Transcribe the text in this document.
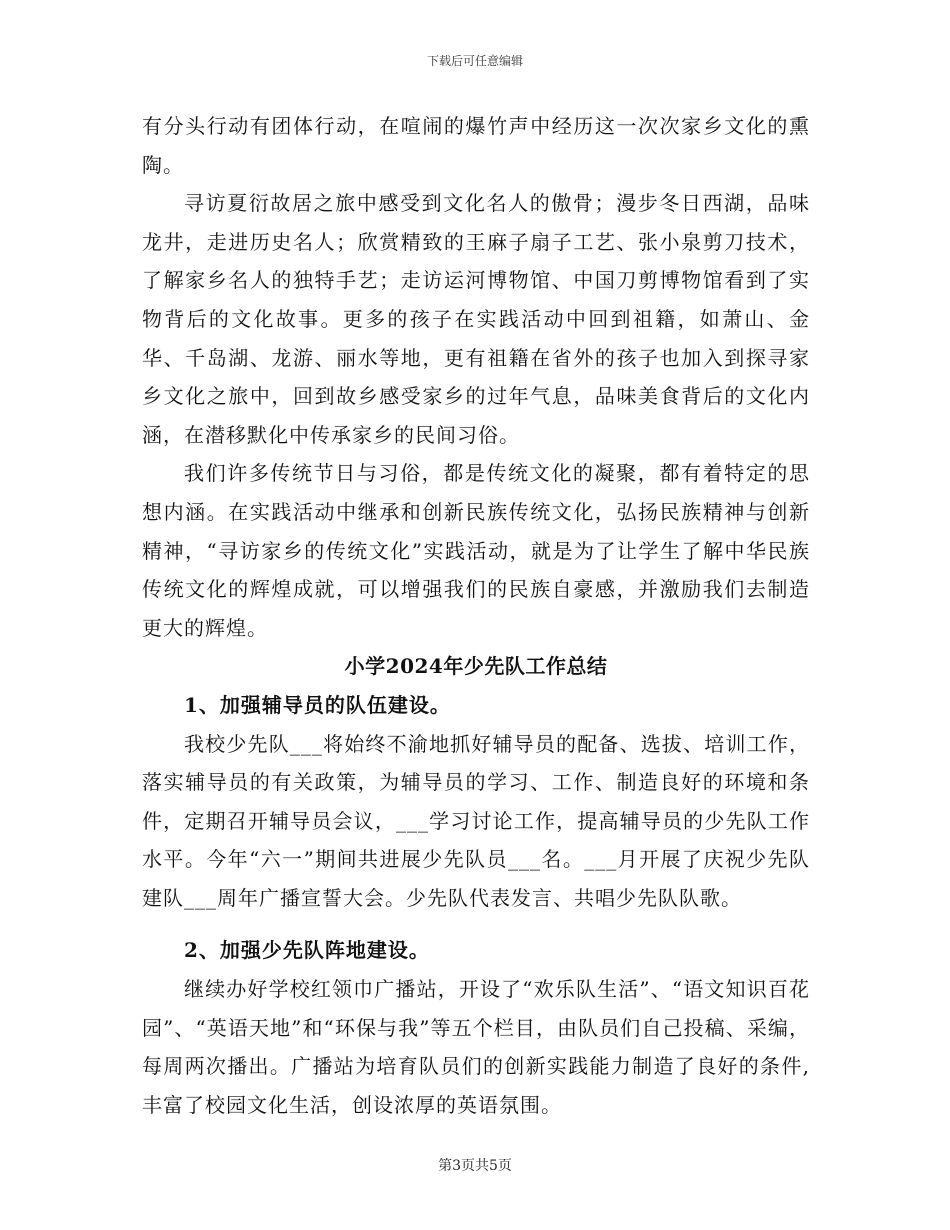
下载后可任意编辑

有分头行动有团体行动，在喧闹的爆竹声中经历这一次次家乡文化的熏陶。

寻访夏衍故居之旅中感受到文化名人的傲骨；漫步冬日西湖，品味龙井，走进历史名人；欣赏精致的王麻子扇子工艺、张小泉剪刀技术，了解家乡名人的独特手艺；走访运河博物馆、中国刀剪博物馆看到了实物背后的文化故事。更多的孩子在实践活动中回到祖籍，如萧山、金华、千岛湖、龙游、丽水等地，更有祖籍在省外的孩子也加入到探寻家乡文化之旅中，回到故乡感受家乡的过年气息，品味美食背后的文化内涵，在潜移默化中传承家乡的民间习俗。

我们许多传统节日与习俗，都是传统文化的凝聚，都有着特定的思想内涵。在实践活动中继承和创新民族传统文化，弘扬民族精神与创新精神，“寻访家乡的传统文化”实践活动，就是为了让学生了解中华民族传统文化的辉煌成就，可以增强我们的民族自豪感，并激励我们去制造更大的辉煌。

小学2024年少先队工作总结

1、加强辅导员的队伍建设。

我校少先队___将始终不渝地抓好辅导员的配备、选拔、培训工作，落实辅导员的有关政策，为辅导员的学习、工作、制造良好的环境和条件，定期召开辅导员会议，___学习讨论工作，提高辅导员的少先队工作水平。今年“六一”期间共进展少先队员___名。___月开展了庆祝少先队建队___周年广播宣誓大会。少先队代表发言、共唱少先队队歌。

2、加强少先队阵地建设。

继续办好学校红领巾广播站，开设了“欢乐队生活”、“语文知识百花园”、“英语天地”和“环保与我”等五个栏目，由队员们自己投稿、采编，每周两次播出。广播站为培育队员们的创新实践能力制造了良好的条件,丰富了校园文化生活，创设浓厚的英语氛围。

第3页共5页
